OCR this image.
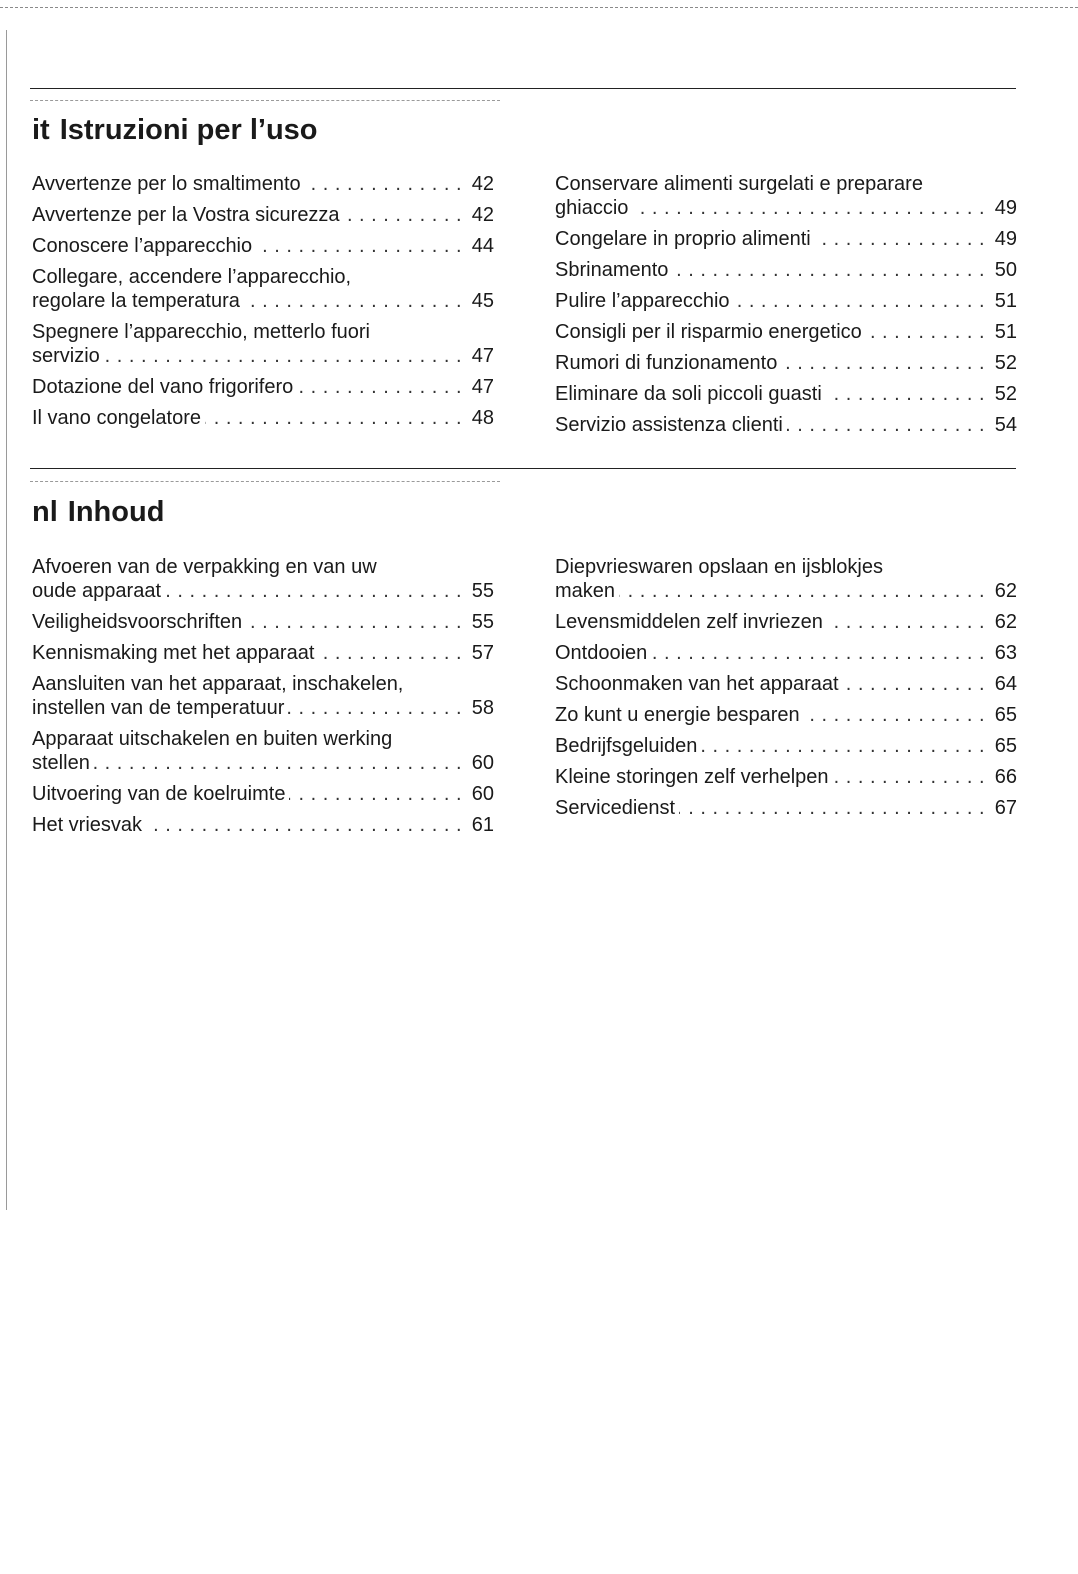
it Istruzioni per l’uso
Avvertenze per lo smaltimento . . .	42
Avvertenze per la Vostra sicurezza . . .	42
Conoscere l’apparecchio . . .	44
Collegare, accendere l’apparecchio, regolare la temperatura . . .	45
Spegnere l’apparecchio, metterlo fuori servizio . . .	47
Dotazione del vano frigorifero . . .	47
Il vano congelatore . . .	48
Conservare alimenti surgelati e preparare ghiaccio . . .	49
Congelare in proprio alimenti . . .	49
Sbrinamento . . .	50
Pulire l’apparecchio . . .	51
Consigli per il risparmio energetico . . .	51
Rumori di funzionamento . . .	52
Eliminare da soli piccoli guasti . . .	52
Servizio assistenza clienti . . .	54
nl Inhoud
Afvoeren van de verpakking en van uw oude apparaat . . .	55
Veiligheidsvoorschriften . . .	55
Kennismaking met het apparaat . . .	57
Aansluiten van het apparaat, inschakelen, instellen van de temperatuur . . .	58
Apparaat uitschakelen en buiten werking stellen . . .	60
Uitvoering van de koelruimte . . .	60
Het vriesvak . . .	61
Diepvrieswaren opslaan en ijsblokjes maken . . .	62
Levensmiddelen zelf invriezen . . .	62
Ontdooien . . .	63
Schoonmaken van het apparaat . . .	64
Zo kunt u energie besparen . . .	65
Bedrijfsgeluiden . . .	65
Kleine storingen zelf verhelpen . . .	66
Servicedienst . . .	67
